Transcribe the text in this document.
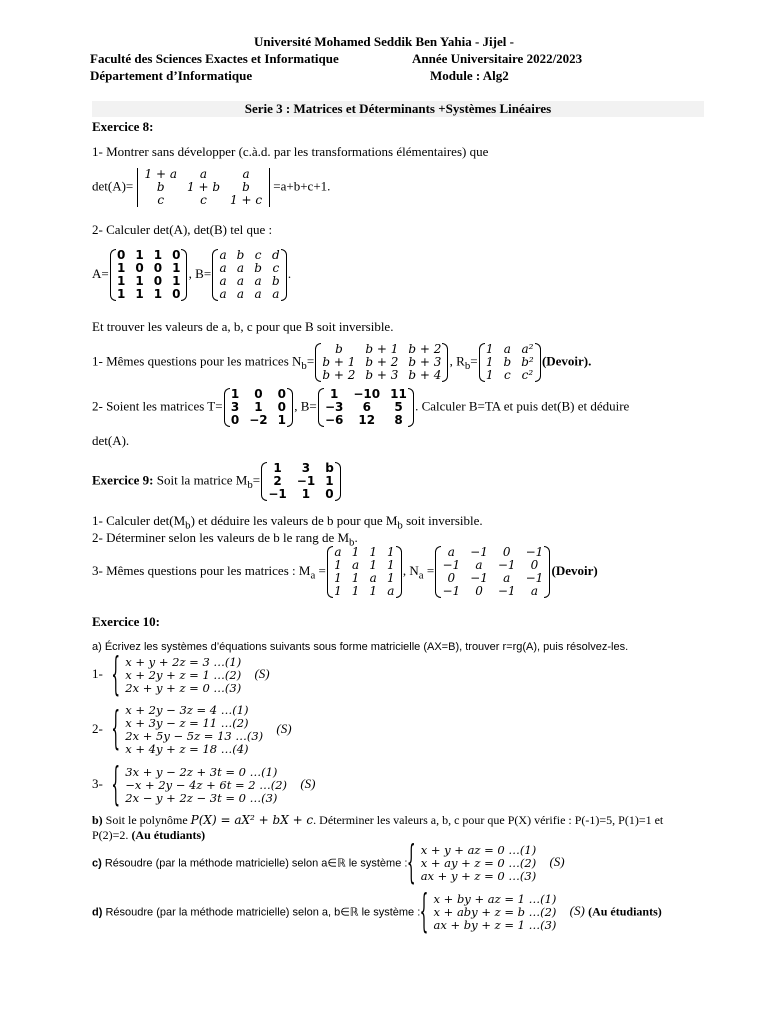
Université Mohamed Seddik Ben Yahia - Jijel -
Faculté des Sciences Exactes et Informatique	Année Universitaire 2022/2023
Département d’Informatique	Module : Alg2
Serie 3 : Matrices et Déterminants +Systèmes Linéaires
Exercice 8:
1- Montrer sans développer (c.à.d. par les transformations élémentaires) que
det(A)=
1 + a	a	a
b	1 + b	b
c	c	1 + c
=a+b+c+1.
2- Calculer det(A), det(B) tel que :
A=
0	1	1	0
1	0	0	1
1	1	0	1
1	1	1	0
, B=
a	b	c	d
a	a	b	c
a	a	a	b
a	a	a	a
.
Et trouver les valeurs de a, b, c pour que B soit inversible.
1- Mêmes questions pour les matrices $N_b=$
b	b + 1	b + 2
b + 1	b + 2	b + 3
b + 2	b + 3	b + 4
, $R_b=$
1	a	a²
1	b	b²
1	c	c²
(Devoir).
2- Soient les matrices T=
1	0	0
3	1	0
0	−2	1
, B=
1	−10	11
−3	6	5
−6	12	8
. Calculer B=TA et puis det(B) et déduire
det(A).
Exercice 9: Soit la matrice $M_b=$
1	3	b
2	−1	1
−1	1	0
1- Calculer $\det(M_b)$ et déduire les valeurs de b pour que $M_b$ soit inversible.
2- Déterminer selon les valeurs de b le rang de $M_b$.
3- Mêmes questions pour les matrices : $M_a$ =
a	1	1	1
1	a	1	1
1	1	a	1
1	1	1	a
, $N_a$ =
a	−1	0	−1
−1	a	−1	0
0	−1	a	−1
−1	0	−1	a
(Devoir)
Exercice 10:
a) Écrivez les systèmes d’équations suivants sous forme matricielle (AX=B), trouver r=rg(A), puis résolvez-les.
1-
{ x + y + 2z = 3 …(1)
x + 2y + z = 1 …(2)
2x + y + z = 0 …(3)
(S)
2-
{ x + 2y − 3z = 4 …(1)
x + 3y − z = 11 …(2)
2x + 5y − 5z = 13 …(3)
x + 4y + z = 18 …(4)
(S)
3-
{ 3x + y − 2z + 3t = 0 …(1)
−x + 2y − 4z + 6t = 2 …(2)
2x − y + 2z − 3t = 0 …(3)
(S)
b) Soit le polynôme P(X) = aX² + bX + c. Déterminer les valeurs a, b, c pour que P(X) vérifie : P(-1)=5, P(1)=1 et
P(2)=2. (Au étudiants)
c) Résoudre (par la méthode matricielle) selon a∈ℝ le système :
{ x + y + az = 0 …(1)
x + ay + z = 0 …(2)
ax + y + z = 0 …(3)
(S)
d) Résoudre (par la méthode matricielle) selon a, b∈ℝ le système :
{ x + by + az = 1 …(1)
x + aby + z = b …(2)
ax + by + z = 1 …(3)
(S) (Au étudiants)
